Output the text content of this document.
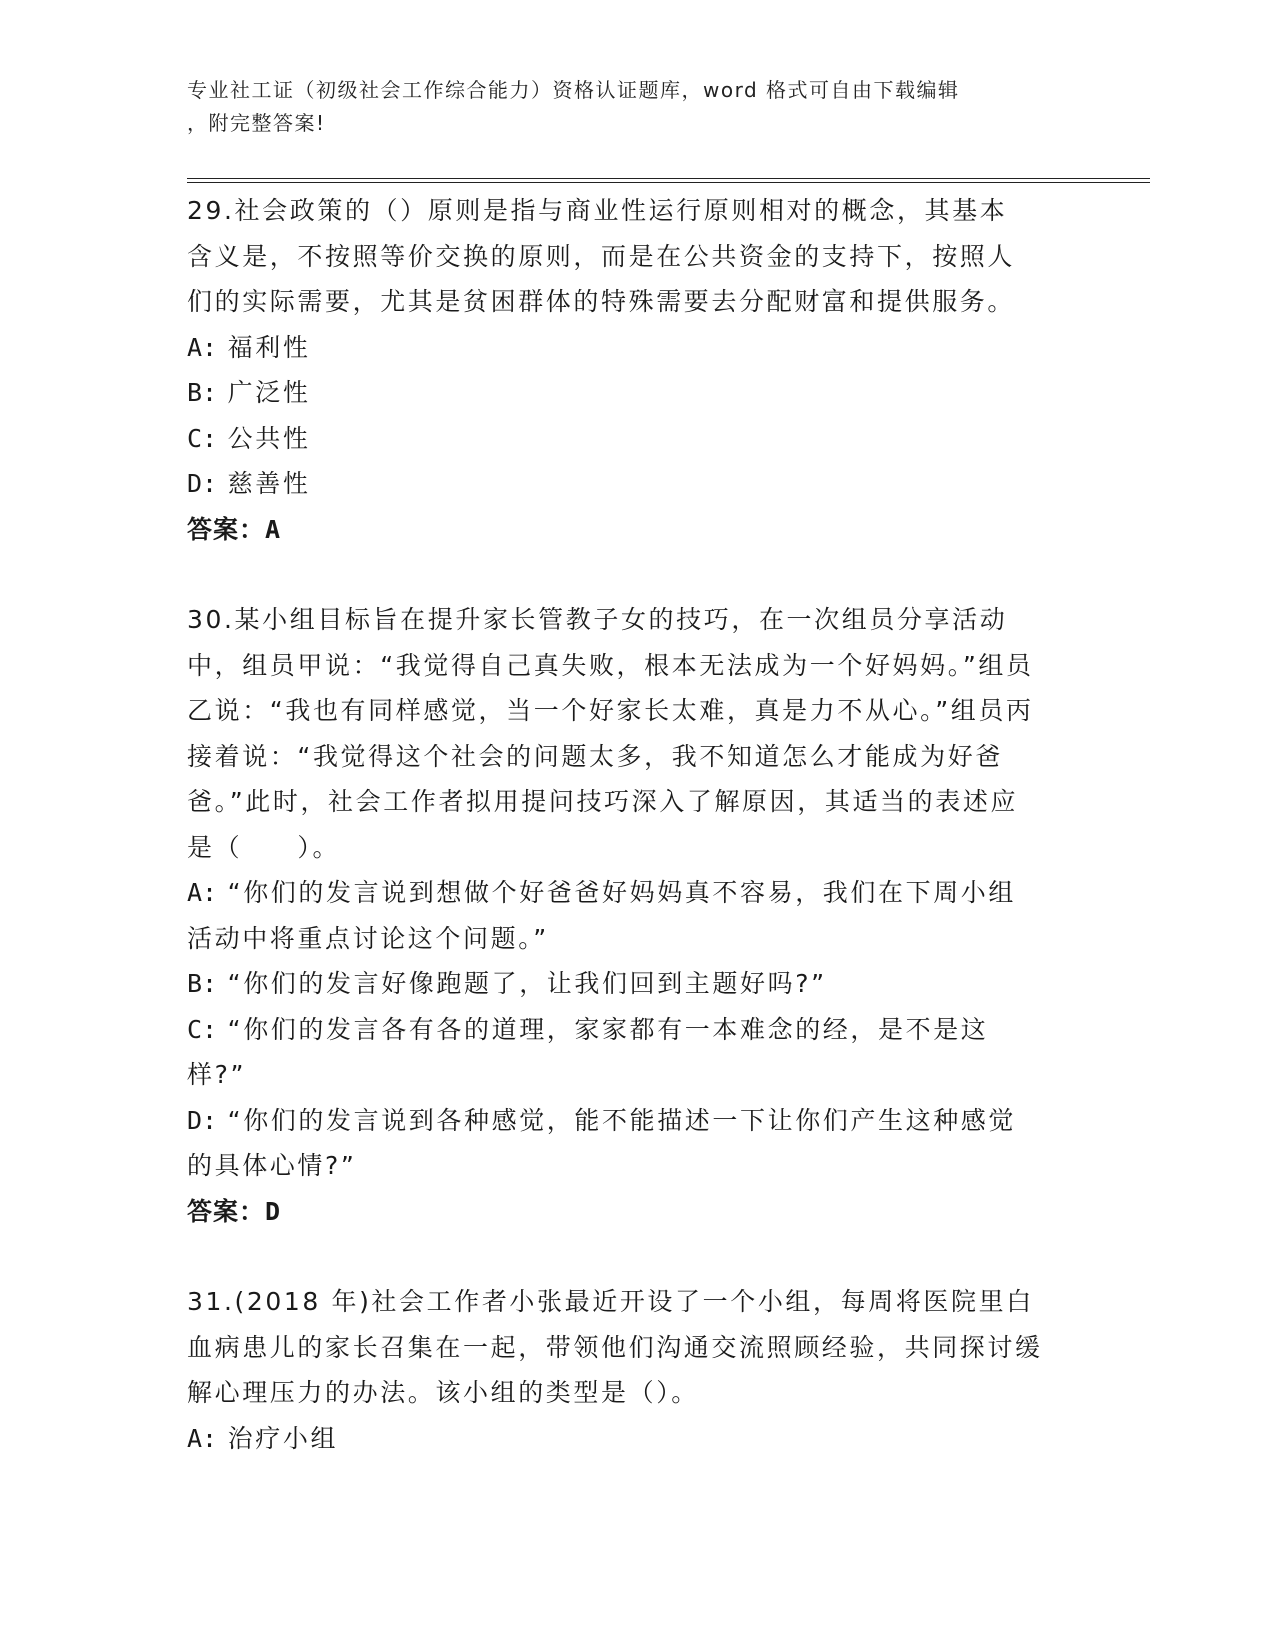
专业社工证（初级社会工作综合能力）资格认证题库，word 格式可自由下载编辑
，附完整答案!

29.社会政策的（）原则是指与商业性运行原则相对的概念，其基本含义是，不按照等价交换的原则，而是在公共资金的支持下，按照人们的实际需要，尤其是贫困群体的特殊需要去分配财富和提供服务。

A: 福利性

B: 广泛性

C: 公共性

D: 慈善性

答案：A

30.某小组目标旨在提升家长管教子女的技巧，在一次组员分享活动中，组员甲说：“我觉得自己真失败，根本无法成为一个好妈妈。”组员乙说：“我也有同样感觉，当一个好家长太难，真是力不从心。”组员丙接着说：“我觉得这个社会的问题太多，我不知道怎么才能成为好爸爸。”此时，社会工作者拟用提问技巧深入了解原因，其适当的表述应是（　　）。

A: “你们的发言说到想做个好爸爸好妈妈真不容易，我们在下周小组活动中将重点讨论这个问题。”

B: “你们的发言好像跑题了，让我们回到主题好吗?”

C: “你们的发言各有各的道理，家家都有一本难念的经，是不是这样?”

D: “你们的发言说到各种感觉，能不能描述一下让你们产生这种感觉的具体心情?”

答案：D

31.(2018 年)社会工作者小张最近开设了一个小组，每周将医院里白血病患儿的家长召集在一起，带领他们沟通交流照顾经验，共同探讨缓解心理压力的办法。该小组的类型是（）。

A: 治疗小组
